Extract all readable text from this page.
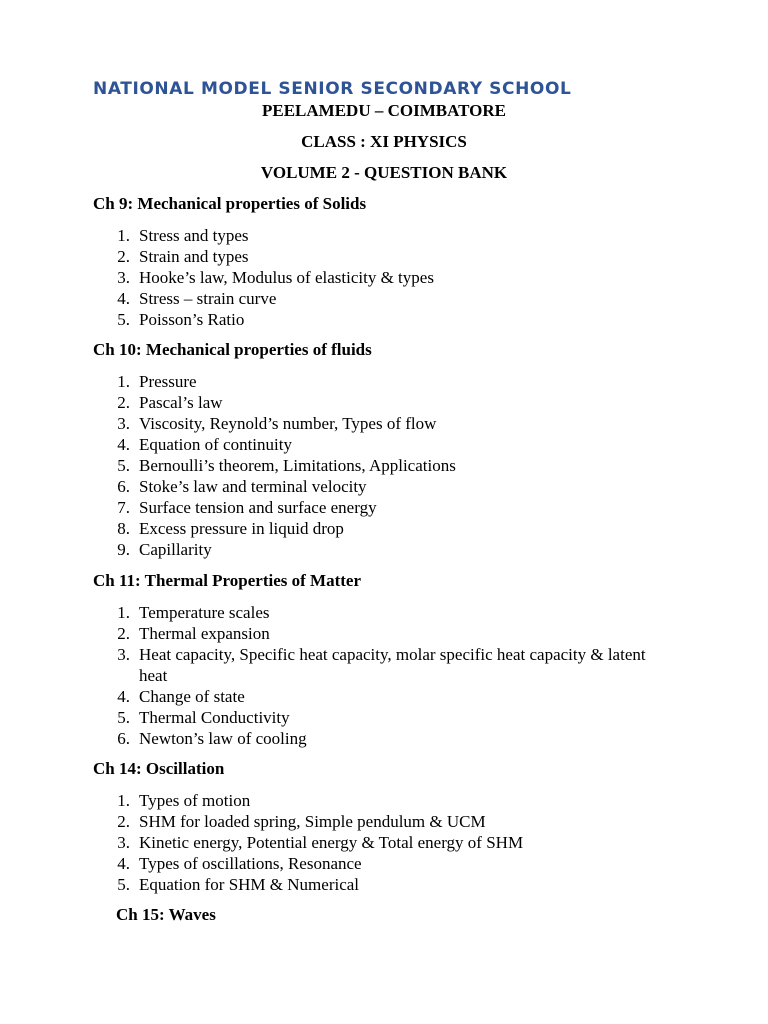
NATIONAL MODEL SENIOR SECONDARY SCHOOL
PEELAMEDU – COIMBATORE
CLASS : XI PHYSICS
VOLUME 2 - QUESTION BANK
Ch 9: Mechanical properties of Solids
1. Stress and types
2. Strain and types
3. Hooke’s law, Modulus of elasticity & types
4. Stress – strain curve
5. Poisson’s Ratio
Ch 10: Mechanical properties of fluids
1. Pressure
2. Pascal’s law
3. Viscosity, Reynold’s number, Types of flow
4. Equation of continuity
5. Bernoulli’s theorem, Limitations, Applications
6. Stoke’s law and terminal velocity
7. Surface tension and surface energy
8. Excess pressure in liquid drop
9. Capillarity
Ch 11: Thermal Properties of Matter
1. Temperature scales
2. Thermal expansion
3. Heat capacity, Specific heat capacity, molar specific heat capacity & latent heat
4. Change of state
5. Thermal Conductivity
6. Newton’s law of cooling
Ch 14: Oscillation
1. Types of motion
2. SHM for loaded spring, Simple pendulum & UCM
3. Kinetic energy, Potential energy & Total energy of SHM
4. Types of oscillations, Resonance
5. Equation for SHM & Numerical
Ch 15: Waves
